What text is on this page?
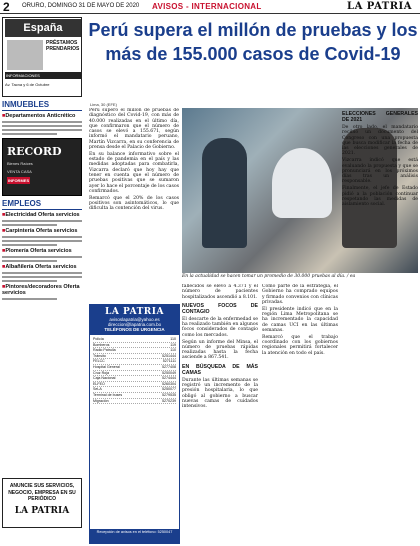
2 ORURO, DOMINGO 31 DE MAYO DE 2020 AVISOS - INTERNACIONAL	LA PATRIA
España
PRÉSTAMOS PRENDARIOS
INFORMACIONES
Av. Tacna y 6 de Octubre
INMUEBLES
■ Departamentos Anticrético
RECORD
Bienes Raíces
VENTA CASA
INFORMES
EMPLEOS
■ Electricidad Oferta servicios
■ Carpintería Oferta servicios
■ Plomería Oferta servicios
■ Albañilería Oferta servicios
■ Pintores/decoradores Oferta servicios
ANUNCIE SUS SERVICIOS, NEGOCIO, EMPRESA EN SU PERIÓDICO
LA PATRIA
Perú supera el millón de pruebas y los más de 155.000 casos de Covid-19
Lima, 30 (EFE)
En la actualidad se hacen tomar un promedio de 30.000 pruebas al día. / ea

Perú superó el millón de pruebas de diagnóstico del Covid-19, con más de 40.000 realizadas en el último día, que confirmaron que el número de casos se elevó a 155.671, según informó el mandatario peruano, Martín Vizcarra, en su conferencia de prensa desde el Palacio de Gobierno.

En su balance informativo sobre el estado de pandemia en el país y las medidas adoptadas para combatirla, Vizcarra declaró que hoy hay que tener en cuenta que el número de pruebas positivas que se sumaron ayer lo hace el porcentaje de los casos confirmados.

Remarcó que el 20% de los casos positivos son asintomáticos, lo que dificulta la contención del virus.

fallecidos se elevó a 4.371 y el número de pacientes hospitalizados ascendió a 8.101.

NUEVOS FOCOS DE CONTAGIO

El descarte de la enfermedad se ha realizado también en algunos focos considerados de contagio como los mercados.

Según un informe del Minsa, el número de pruebas rápidas realizadas hasta la fecha asciende a 867.541.

EN BÚSQUEDA DE MÁS CAMAS

Durante las últimas semanas se registró un incremento de la presión hospitalaria, lo que obligó al gobierno a buscar nuevas camas de cuidados intensivos.

Como parte de la estrategia, el Gobierno ha comprado equipos y firmado convenios con clínicas privadas.

El presidente indicó que en la región Lima Metropolitana se ha incrementado la capacidad de camas UCI en las últimas semanas.

Remarcó que el trabajo coordinado con los gobiernos regionales permitirá fortalecer la atención en todo el país.

ELECCIONES GENERALES DE 2021

De otro lado, el mandatario recibió un documento del Congreso con una propuesta que busca modificar la fecha de las elecciones generales de 2021.

Vizcarra indicó que está evaluando la propuesta y que se pronunciará en los próximos días tras un análisis responsable.

Finalmente, el jefe de Estado pidió a la población continuar respetando las medidas de aislamiento social.

LA PATRIA
avisoslapatria@yahoo.es
direccion@lapatria.com.bo
TELÉFONOS DE URGENCIA
Policía	110
Bomberos	119
Radio Patrulla	110
Tránsito	5251444
FELCC	5271111
Hospital General	5277408
Cruz Roja	5250049
Caja Nacional	5274444
ELFEO	5260304
SeLA	5250077
Terminal de buses	5279535
Migración	5270239
Recepción de avisos en el teléfono: 5250047
